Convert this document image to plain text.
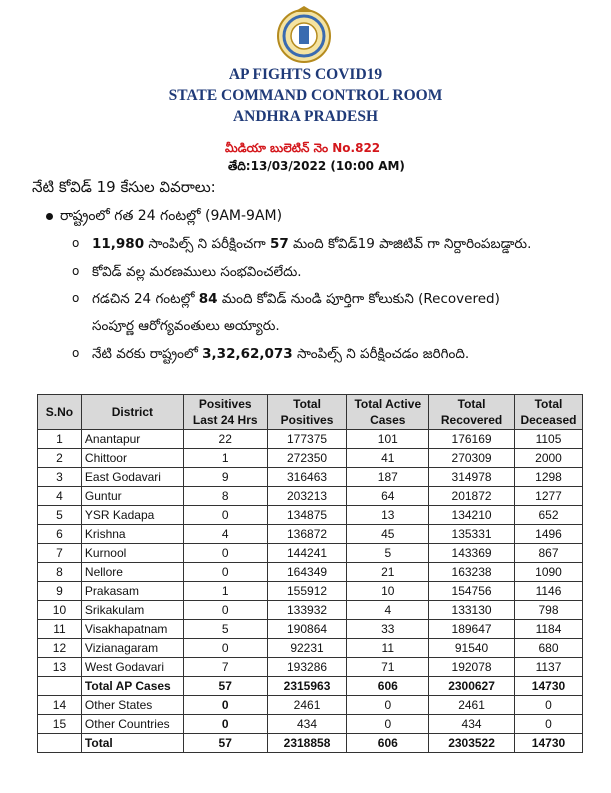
AP FIGHTS COVID19
STATE COMMAND CONTROL ROOM
ANDHRA PRADESH
మీడియా బులెటిన్ నెం No.822
తేది:13/03/2022 (10:00 AM)
నేటి కోవిడ్ 19 కేసుల వివరాలు:
రాష్ట్రంలో గత 24 గంటల్లో (9AM-9AM)
o 11,980 సాంపిల్స్ ని పరీక్షించగా 57 మంది కోవిడ్19 పాజిటివ్ గా నిర్దారింపబడ్డారు.
o కోవిడ్ వల్ల మరణములు సంభవించలేదు.
o గడచిన 24 గంటల్లో 84 మంది కోవిడ్ నుండి పూర్తిగా కోలుకుని (Recovered)
సంపూర్ణ ఆరోగ్యవంతులు అయ్యారు.
o నేటి వరకు రాష్ట్రంలో 3,32,62,073 సాంపిల్స్ ని పరీక్షించడం జరిగింది.
S.No	District	Positives Last 24 Hrs	Total Positives	Total Active Cases	Total Recovered	Total Deceased
1	Anantapur	22	177375	101	176169	1105
2	Chittoor	1	272350	41	270309	2000
3	East Godavari	9	316463	187	314978	1298
4	Guntur	8	203213	64	201872	1277
5	YSR Kadapa	0	134875	13	134210	652
6	Krishna	4	136872	45	135331	1496
7	Kurnool	0	144241	5	143369	867
8	Nellore	0	164349	21	163238	1090
9	Prakasam	1	155912	10	154756	1146
10	Srikakulam	0	133932	4	133130	798
11	Visakhapatnam	5	190864	33	189647	1184
12	Vizianagaram	0	92231	11	91540	680
13	West Godavari	7	193286	71	192078	1137
	Total AP Cases	57	2315963	606	2300627	14730
14	Other States	0	2461	0	2461	0
15	Other Countries	0	434	0	434	0
	Total	57	2318858	606	2303522	14730
